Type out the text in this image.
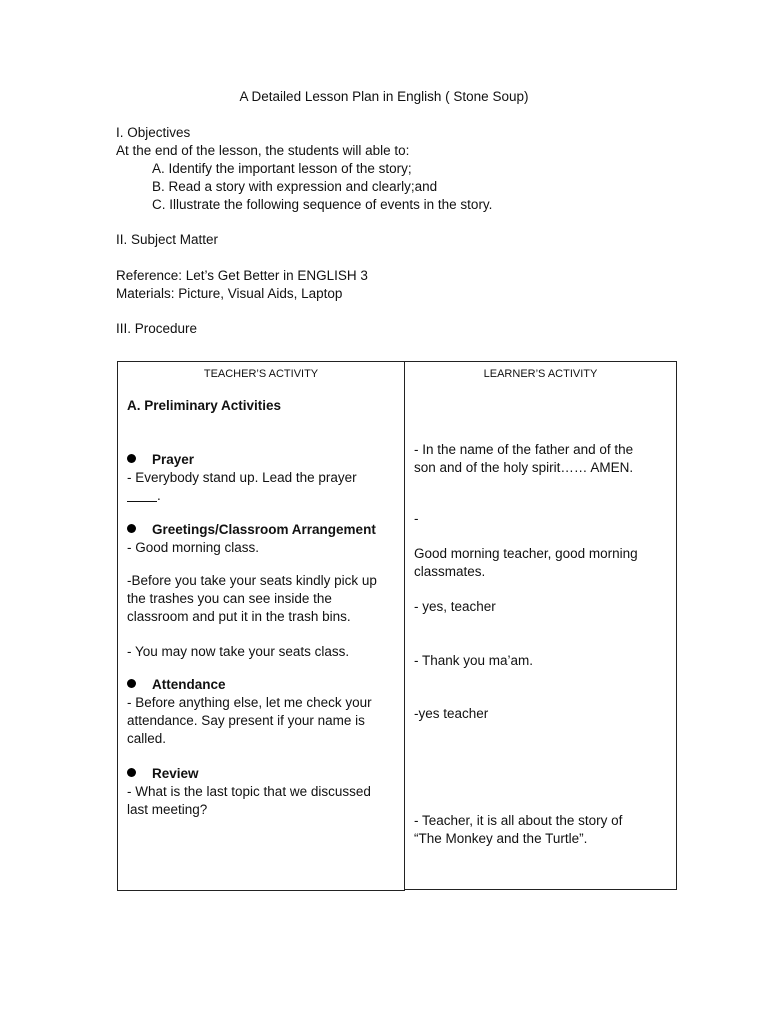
A Detailed Lesson Plan in English ( Stone Soup)
I. Objectives
At the end of the lesson, the students will able to:
A. Identify the important lesson of the story;
B. Read a story with expression and clearly;and
C. Illustrate the following sequence of events in the story.
II. Subject Matter
Reference: Let’s Get Better in ENGLISH 3
Materials: Picture, Visual Aids, Laptop
III. Procedure
TEACHER’S ACTIVITY
A. Preliminary Activities
Prayer
- Everybody stand up. Lead the prayer
.
Greetings/Classroom Arrangement
- Good morning class.
-Before you take your seats kindly pick up
the trashes you can see inside the
classroom and put it in the trash bins.
- You may now take your seats class.
Attendance
- Before anything else, let me check your
attendance. Say present if your name is
called.
Review
- What is the last topic that we discussed
last meeting?
LEARNER’S ACTIVITY
- In the name of the father and of the
son and of the holy spirit…… AMEN.
-
Good morning teacher, good morning
classmates.
- yes, teacher
- Thank you ma’am.
-yes teacher
- Teacher, it is all about the story of
“The Monkey and the Turtle”.
